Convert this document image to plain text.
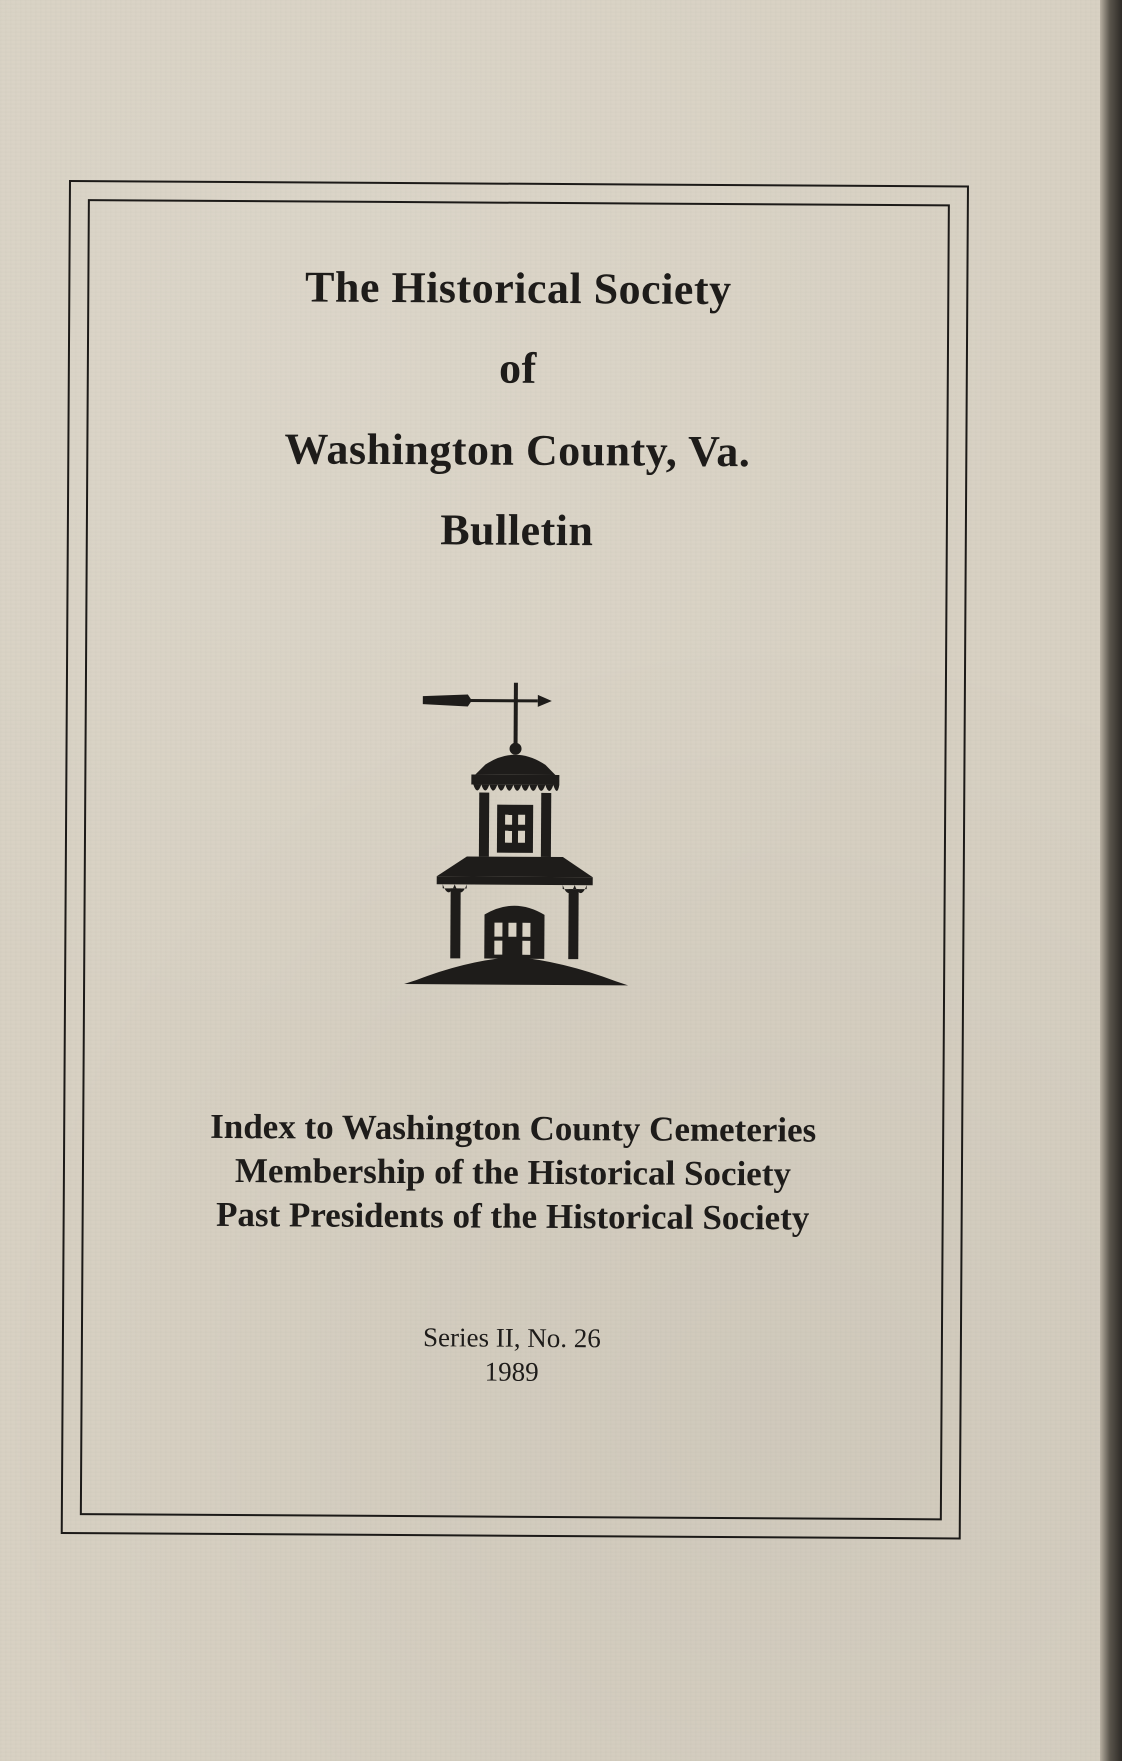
The Historical Society
of
Washington County, Va.
Bulletin
Index to Washington County Cemeteries
Membership of the Historical Society
Past Presidents of the Historical Society
Series II, No. 26
1989
